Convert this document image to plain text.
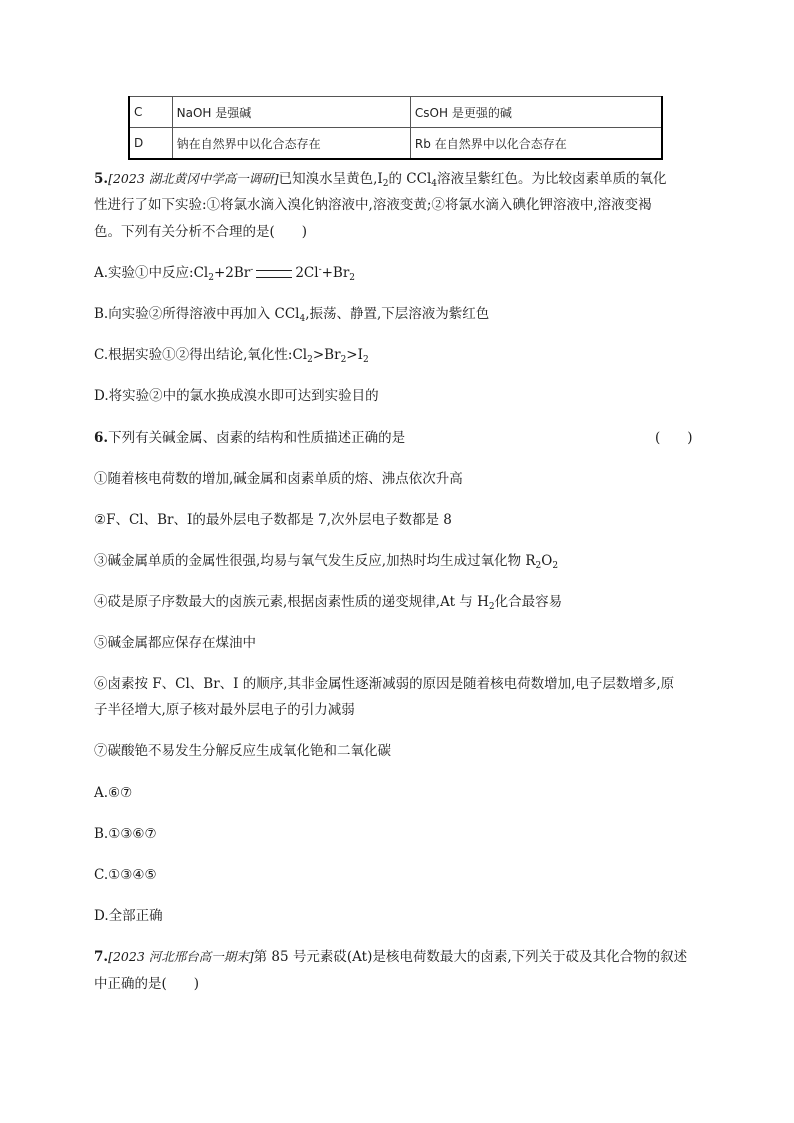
C	NaOH 是强碱	CsOH 是更强的碱
D	钠在自然界中以化合态存在	Rb 在自然界中以化合态存在
5.[2023 湖北黄冈中学高一调研]已知溴水呈黄色$,I_2$的 CCl$_4$溶液呈紫红色。为比较卤素单质的氧化
性进行了如下实验:①将氯水滴入溴化钠溶液中,溶液变黄;②将氯水滴入碘化钾溶液中,溶液变褐
色。下列有关分析不合理的是(　　)
A.实验①中反应$:Cl_2+2Br^-$	$2Cl^-+Br_2$
B.向实验②所得溶液中再加入 CCl$_4$,振荡、静置,下层溶液为紫红色
C.根据实验①②得出结论,氧化性$:Cl_2>Br_2>I_2$
D.将实验②中的氯水换成溴水即可达到实验目的
6.下列有关碱金属、卤素的结构和性质描述正确的是	(　　)
①随着核电荷数的增加,碱金属和卤素单质的熔、沸点依次升高
②F、Cl、Br、I的最外层电子数都是 7,次外层电子数都是 8
③碱金属单质的金属性很强,均易与氧气发生反应,加热时均生成过氧化物 $R_2O_2$
④砹是原子序数最大的卤族元素,根据卤素性质的递变规律,At 与 $H_2$化合最容易
⑤碱金属都应保存在煤油中
⑥卤素按 F、Cl、Br、I 的顺序,其非金属性逐渐减弱的原因是随着核电荷数增加,电子层数增多,原
子半径增大,原子核对最外层电子的引力减弱
⑦碳酸铯不易发生分解反应生成氧化铯和二氧化碳
A.⑥⑦
B.①③⑥⑦
C.①③④⑤
D.全部正确
7.[2023 河北邢台高一期末]第 85 号元素砹(At)是核电荷数最大的卤素,下列关于砹及其化合物的叙述
中正确的是(　　)
